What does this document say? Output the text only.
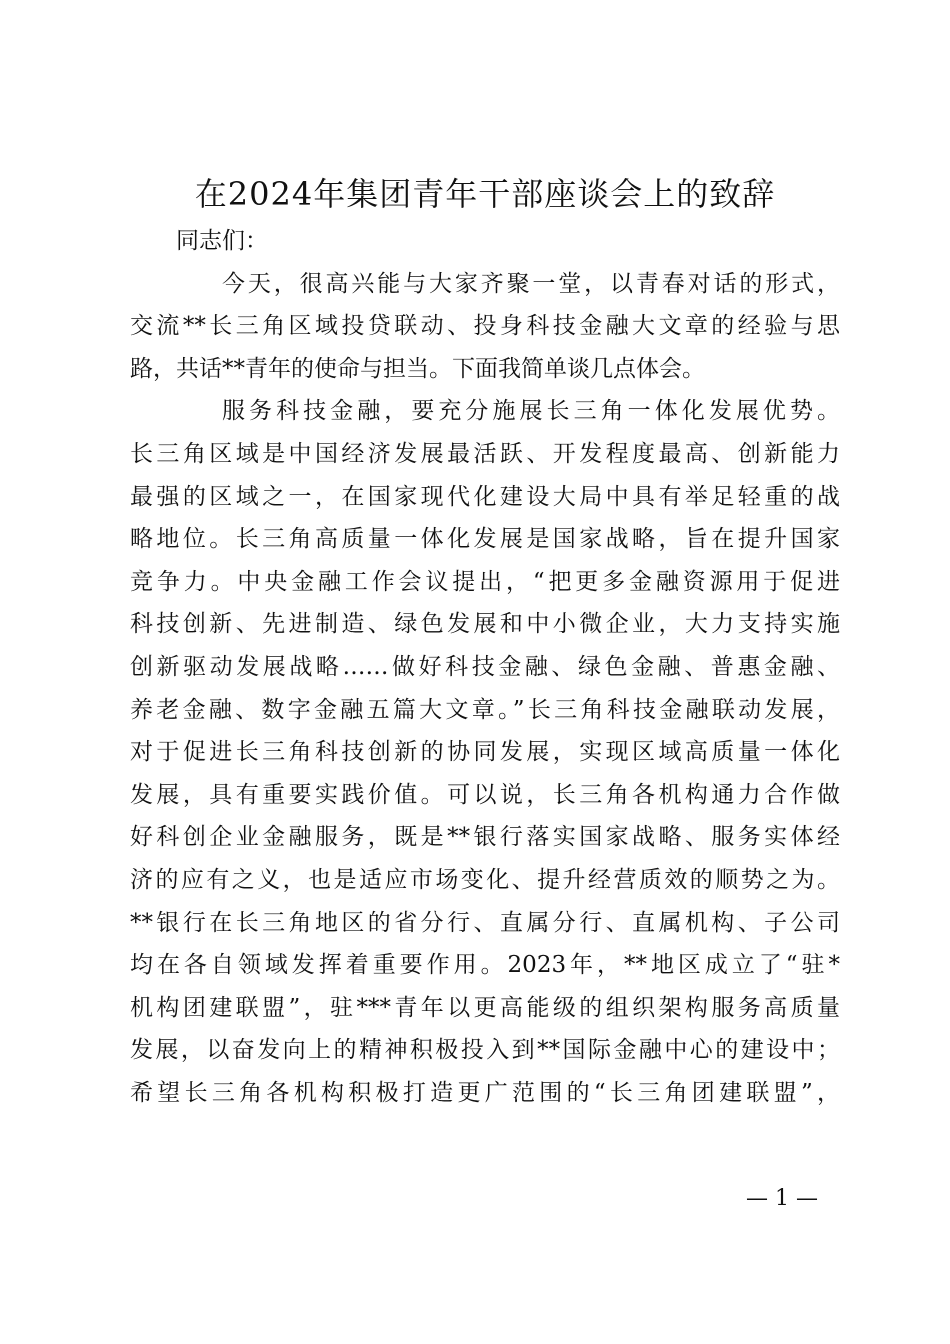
在2024年集团青年干部座谈会上的致辞
同志们：
今天，很高兴能与大家齐聚一堂，以青春对话的形式，
交流**长三角区域投贷联动、投身科技金融大文章的经验与思
路，共话**青年的使命与担当。下面我简单谈几点体会。
服务科技金融，要充分施展长三角一体化发展优势。
长三角区域是中国经济发展最活跃、开发程度最高、创新能力
最强的区域之一，在国家现代化建设大局中具有举足轻重的战
略地位。长三角高质量一体化发展是国家战略，旨在提升国家
竞争力。中央金融工作会议提出，“把更多金融资源用于促进
科技创新、先进制造、绿色发展和中小微企业，大力支持实施
创新驱动发展战略……做好科技金融、绿色金融、普惠金融、
养老金融、数字金融五篇大文章。”长三角科技金融联动发展，
对于促进长三角科技创新的协同发展，实现区域高质量一体化
发展，具有重要实践价值。可以说，长三角各机构通力合作做
好科创企业金融服务，既是**银行落实国家战略、服务实体经
济的应有之义，也是适应市场变化、提升经营质效的顺势之为。
**银行在长三角地区的省分行、直属分行、直属机构、子公司
均在各自领域发挥着重要作用。2023年，**地区成立了“驻*
机构团建联盟”，驻***青年以更高能级的组织架构服务高质量
发展，以奋发向上的精神积极投入到**国际金融中心的建设中；
希望长三角各机构积极打造更广范围的“长三角团建联盟”，
— 1 —
